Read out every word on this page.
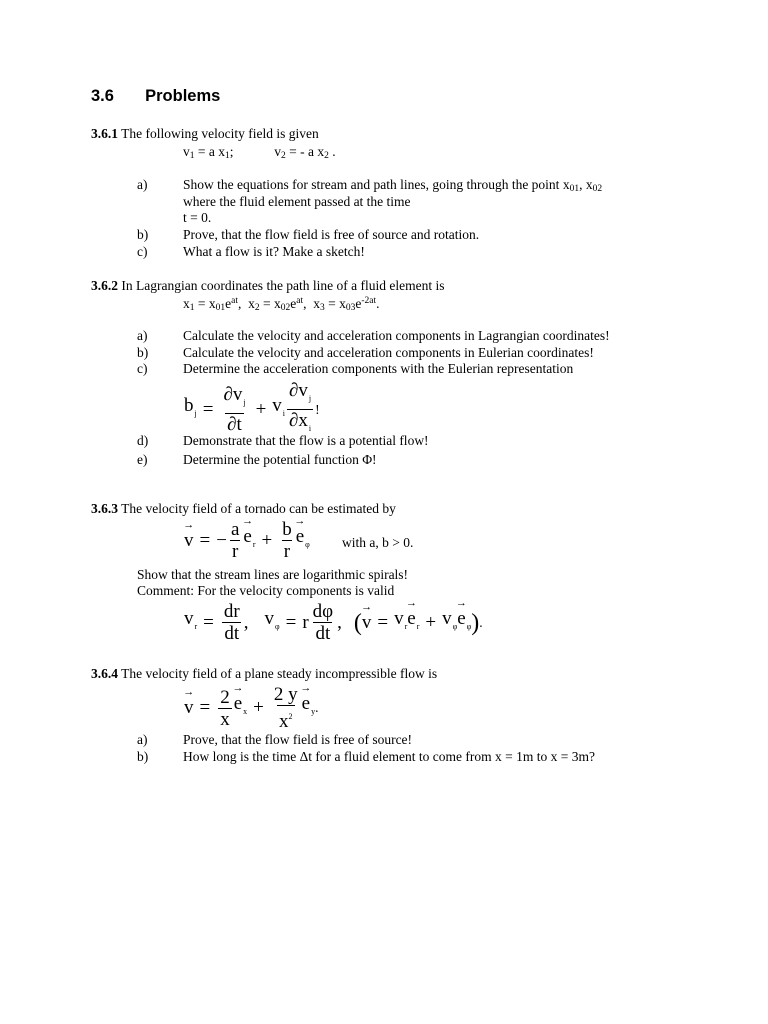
3.6 Problems
3.6.1 The following velocity field is given
$v_1 = a$ $x_1$;	$v_2$ = - a $x_2$ .
a)	Show the equations for stream and path lines, going through the point $x_{01}$, $x_{02}$
where the fluid element passed at the time
t = 0.
b)	Prove, that the flow field is free of source and rotation.
c)	What a flow is it? Make a sketch!
3.6.2 In Lagrangian coordinates the path line of a fluid element is
$x_1 = x_{01}e^{at}$,  $x_2 = x_{02}e^{at}$,  $x_3 = x_{03}e^{-2at}$.
a)	Calculate the velocity and acceleration components in Lagrangian coordinates!
b)	Calculate the velocity and acceleration components in Eulerian coordinates!
c)	Determine the acceleration components with the Eulerian representation
$b_j = \frac{\partial v_j}{\partial t} + v_i \frac{\partial v_j}{\partial x_i}$ !
d)	Demonstrate that the flow is a potential flow!
e)	Determine the potential function Φ!
3.6.3 The velocity field of a tornado can be estimated by
→ v = − $\frac{a}{r}$
→ $e_r + \frac{b}{r}$
→ $e_\varphi$ with a, b > 0.
Show that the stream lines are logarithmic spirals!
Comment: For the velocity components is valid
$v_r = \frac{dr}{dt}$ , $v_\varphi = r \frac{d\varphi}{dt}$ , (
→ $v = v_r$
→ $e_r + v_\varphi$
→ $e_\varphi$ ) .
3.6.4 The velocity field of a plane steady incompressible flow is
→ $v = \frac{2}{x}$
→ $e_x + \frac{2 y}{x^2}$
→ $e_y$ .
a)	Prove, that the flow field is free of source!
b)	How long is the time Δt for a fluid element to come from x = 1m to x = 3m?
